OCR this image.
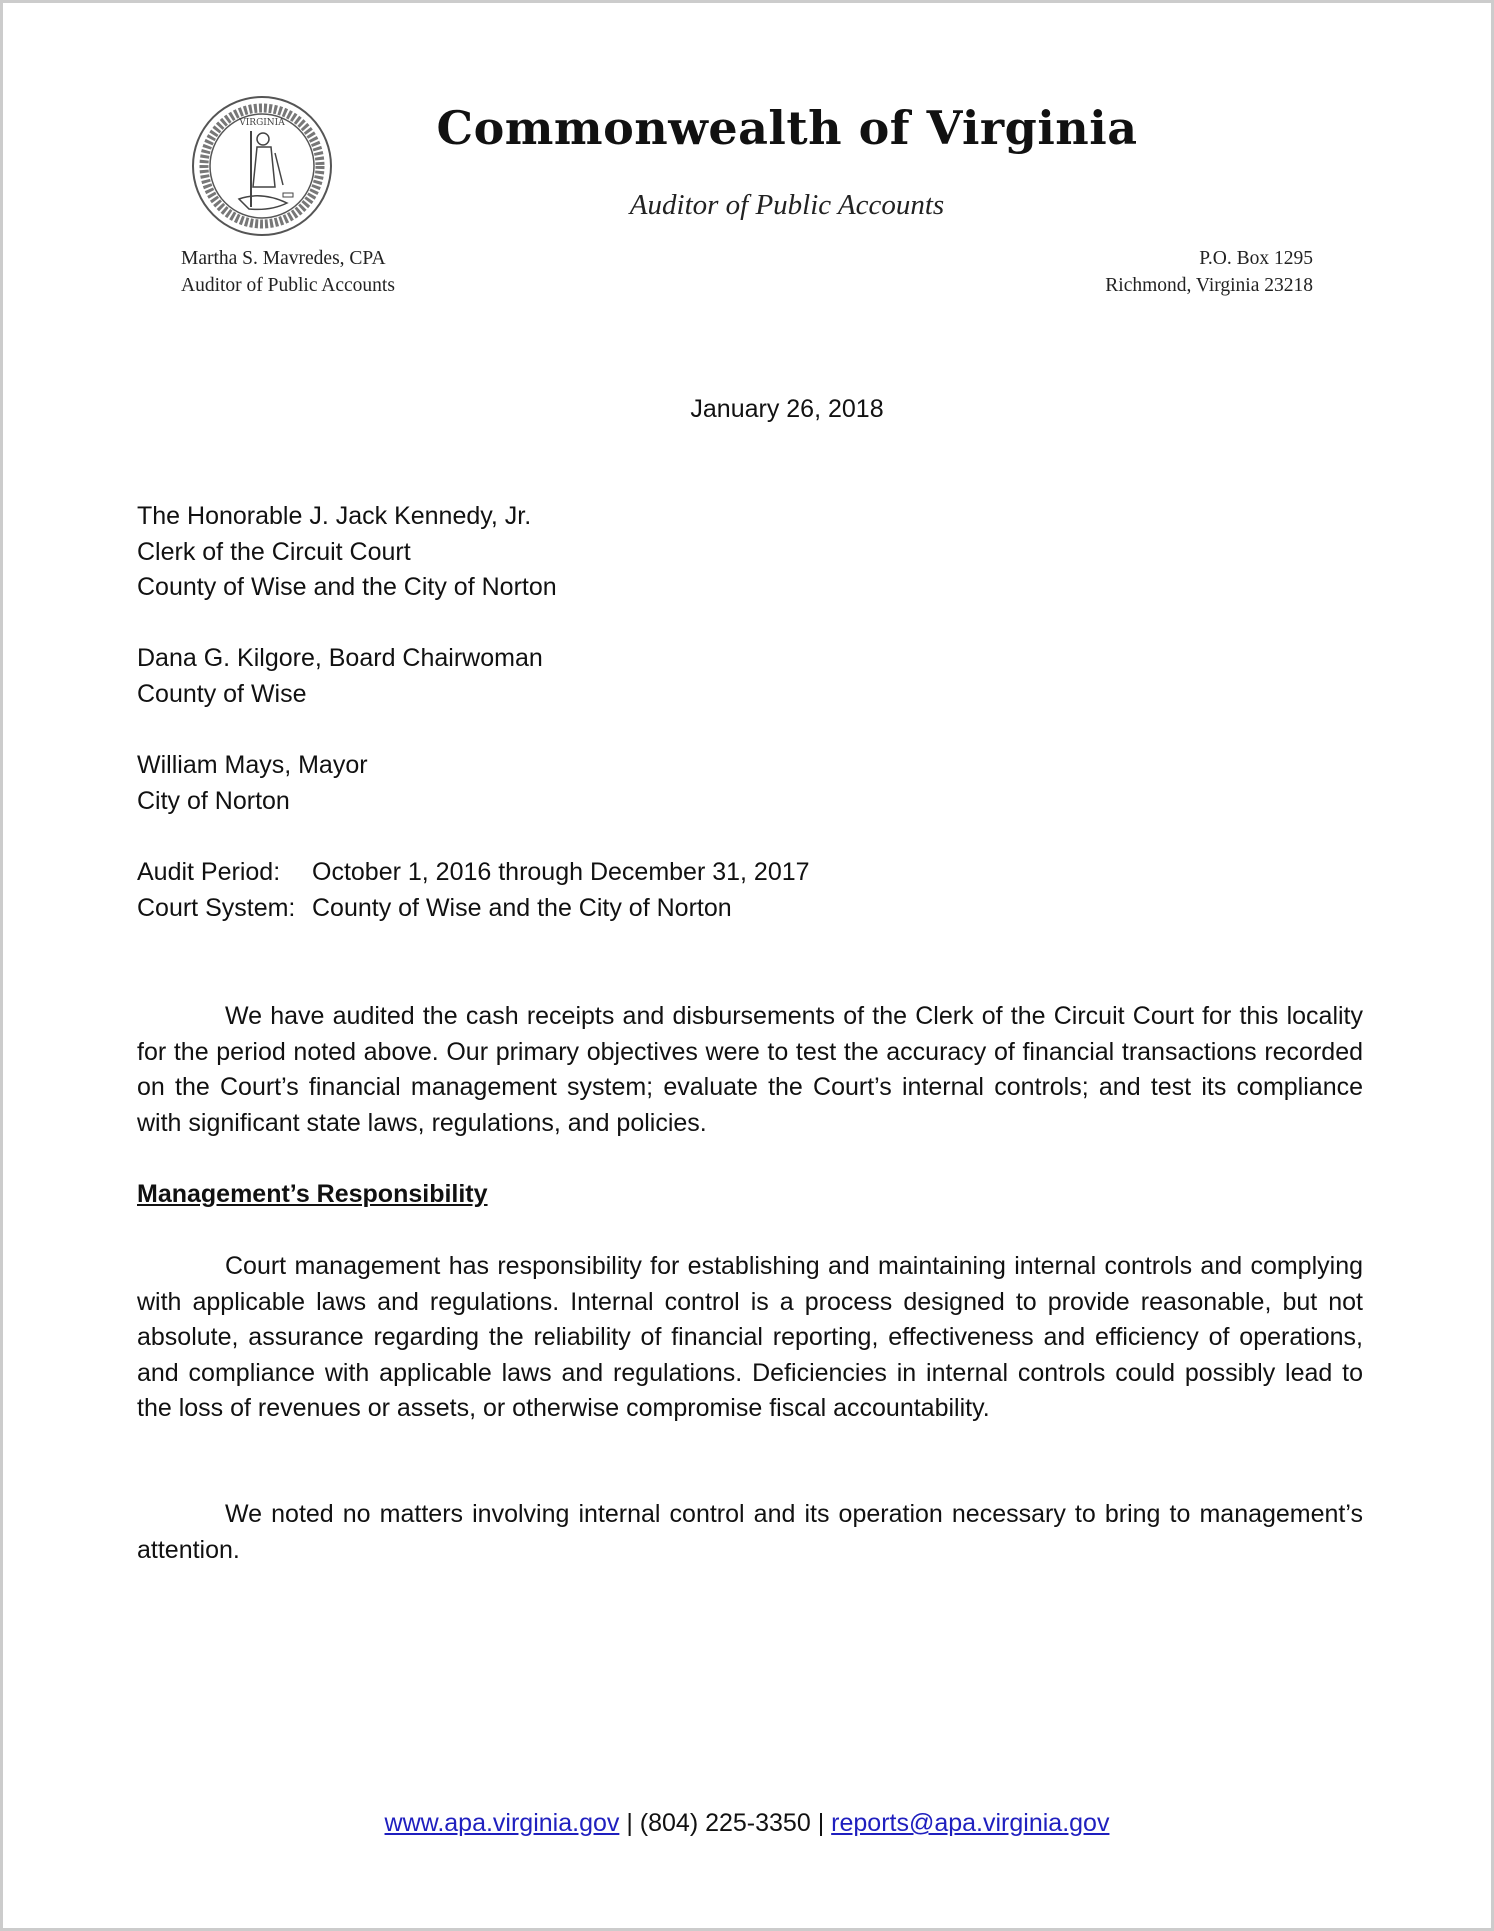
VIRGINIA	Commonwealth of Virginia
Auditor of Public Accounts
Martha S. Mavredes, CPA
Auditor of Public Accounts
P.O. Box 1295
Richmond, Virginia 23218
January 26, 2018
The Honorable J. Jack Kennedy, Jr.
Clerk of the Circuit Court
County of Wise and the City of Norton
Dana G. Kilgore, Board Chairwoman
County of Wise
William Mays, Mayor
City of Norton
Audit Period:	October 1, 2016 through December 31, 2017
Court System: County of Wise and the City of Norton
We have audited the cash receipts and disbursements of the Clerk of the Circuit Court for this locality for the period noted above. Our primary objectives were to test the accuracy of financial transactions recorded on the Court’s financial management system; evaluate the Court’s internal controls; and test its compliance with significant state laws, regulations, and policies.
Management’s Responsibility
Court management has responsibility for establishing and maintaining internal controls and complying with applicable laws and regulations. Internal control is a process designed to provide reasonable, but not absolute, assurance regarding the reliability of financial reporting, effectiveness and efficiency of operations, and compliance with applicable laws and regulations. Deficiencies in internal controls could possibly lead to the loss of revenues or assets, or otherwise compromise fiscal accountability.
We noted no matters involving internal control and its operation necessary to bring to management’s attention.
www.apa.virginia.gov | (804) 225-3350 | reports@apa.virginia.gov
